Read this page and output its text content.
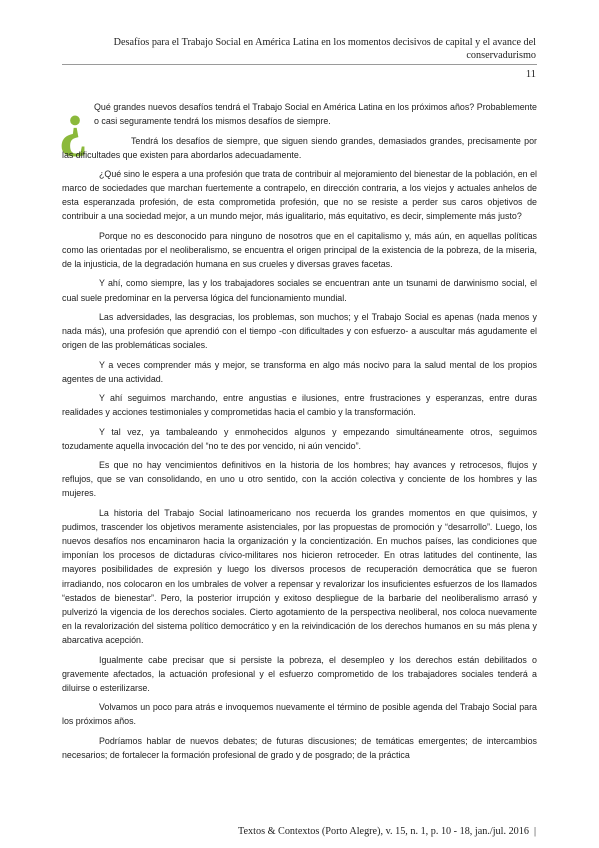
Desafíos para el Trabajo Social en América Latina en los momentos decisivos de capital y el avance del
conservadurismo
11

¿ Qué grandes nuevos desafíos tendrá el Trabajo Social en América Latina en los próximos años? Probablemente o casi seguramente tendrá los mismos desafíos de siempre.

Tendrá los desafíos de siempre, que siguen siendo grandes, demasiados grandes, precisamente por las dificultades que existen para abordarlos adecuadamente.

¿Qué sino le espera a una profesión que trata de contribuir al mejoramiento del bienestar de la población, en el marco de sociedades que marchan fuertemente a contrapelo, en dirección contraria, a los viejos y actuales anhelos de esta esperanzada profesión, de esta comprometida profesión, que no se resiste a perder sus caros objetivos de contribuir a una sociedad mejor, a un mundo mejor, más igualitario, más equitativo, es decir, simplemente más justo?

Porque no es desconocido para ninguno de nosotros que en el capitalismo y, más aún, en aquellas políticas como las orientadas por el neoliberalismo, se encuentra el origen principal de la existencia de la pobreza, de la miseria, de la injusticia, de la degradación humana en sus crueles y diversas graves facetas.

Y ahí, como siempre, las y los trabajadores sociales se encuentran ante un tsunami de darwinismo social, el cual suele predominar en la perversa lógica del funcionamiento mundial.

Las adversidades, las desgracias, los problemas, son muchos; y el Trabajo Social es apenas (nada menos y nada más), una profesión que aprendió con el tiempo -con dificultades y con esfuerzo- a auscultar más agudamente el origen de las problemáticas sociales.

Y a veces comprender más y mejor, se transforma en algo más nocivo para la salud mental de los propios agentes de una actividad.

Y ahí seguimos marchando, entre angustias e ilusiones, entre frustraciones y esperanzas, entre duras realidades y acciones testimoniales y comprometidas hacia el cambio y la transformación.

Y tal vez, ya tambaleando y enmohecidos algunos y empezando simultáneamente otros, seguimos tozudamente aquella invocación del “no te des por vencido, ni aún vencido”.

Es que no hay vencimientos definitivos en la historia de los hombres; hay avances y retrocesos, flujos y reflujos, que se van consolidando, en uno u otro sentido, con la acción colectiva y conciente de los hombres y las mujeres.

La historia del Trabajo Social latinoamericano nos recuerda los grandes momentos en que quisimos, y pudimos, trascender los objetivos meramente asistenciales, por las propuestas de promoción y “desarrollo”. Luego, los nuevos desafíos nos encaminaron hacia la organización y la concientización. En muchos países, las condiciones que imponían los procesos de dictaduras cívico-militares nos hicieron retroceder. En otras latitudes del continente, las mayores posibilidades de expresión y luego los diversos procesos de recuperación democrática que se fueron irradiando, nos colocaron en los umbrales de volver a repensar y revalorizar los insuficientes esfuerzos de los llamados “estados de bienestar”. Pero, la posterior irrupción y exitoso despliegue de la barbarie del neoliberalismo arrasó y pulverizó la vigencia de los derechos sociales. Cierto agotamiento de la perspectiva neoliberal, nos coloca nuevamente en la revalorización del sistema político democrático y en la reivindicación de los derechos humanos en su más plena y abarcativa acepción.

Igualmente cabe precisar que si persiste la pobreza, el desempleo y los derechos están debilitados o gravemente afectados, la actuación profesional y el esfuerzo comprometido de los trabajadores sociales tenderá a diluirse o esterilizarse.

Volvamos un poco para atrás e invoquemos nuevamente el término de posible agenda del Trabajo Social para los próximos años.

Podríamos hablar de nuevos debates; de futuras discusiones; de temáticas emergentes; de intercambios necesarios; de fortalecer la formación profesional de grado y de posgrado; de la práctica

Textos & Contextos (Porto Alegre), v. 15, n. 1, p. 10 - 18, jan./jul. 2016 |
